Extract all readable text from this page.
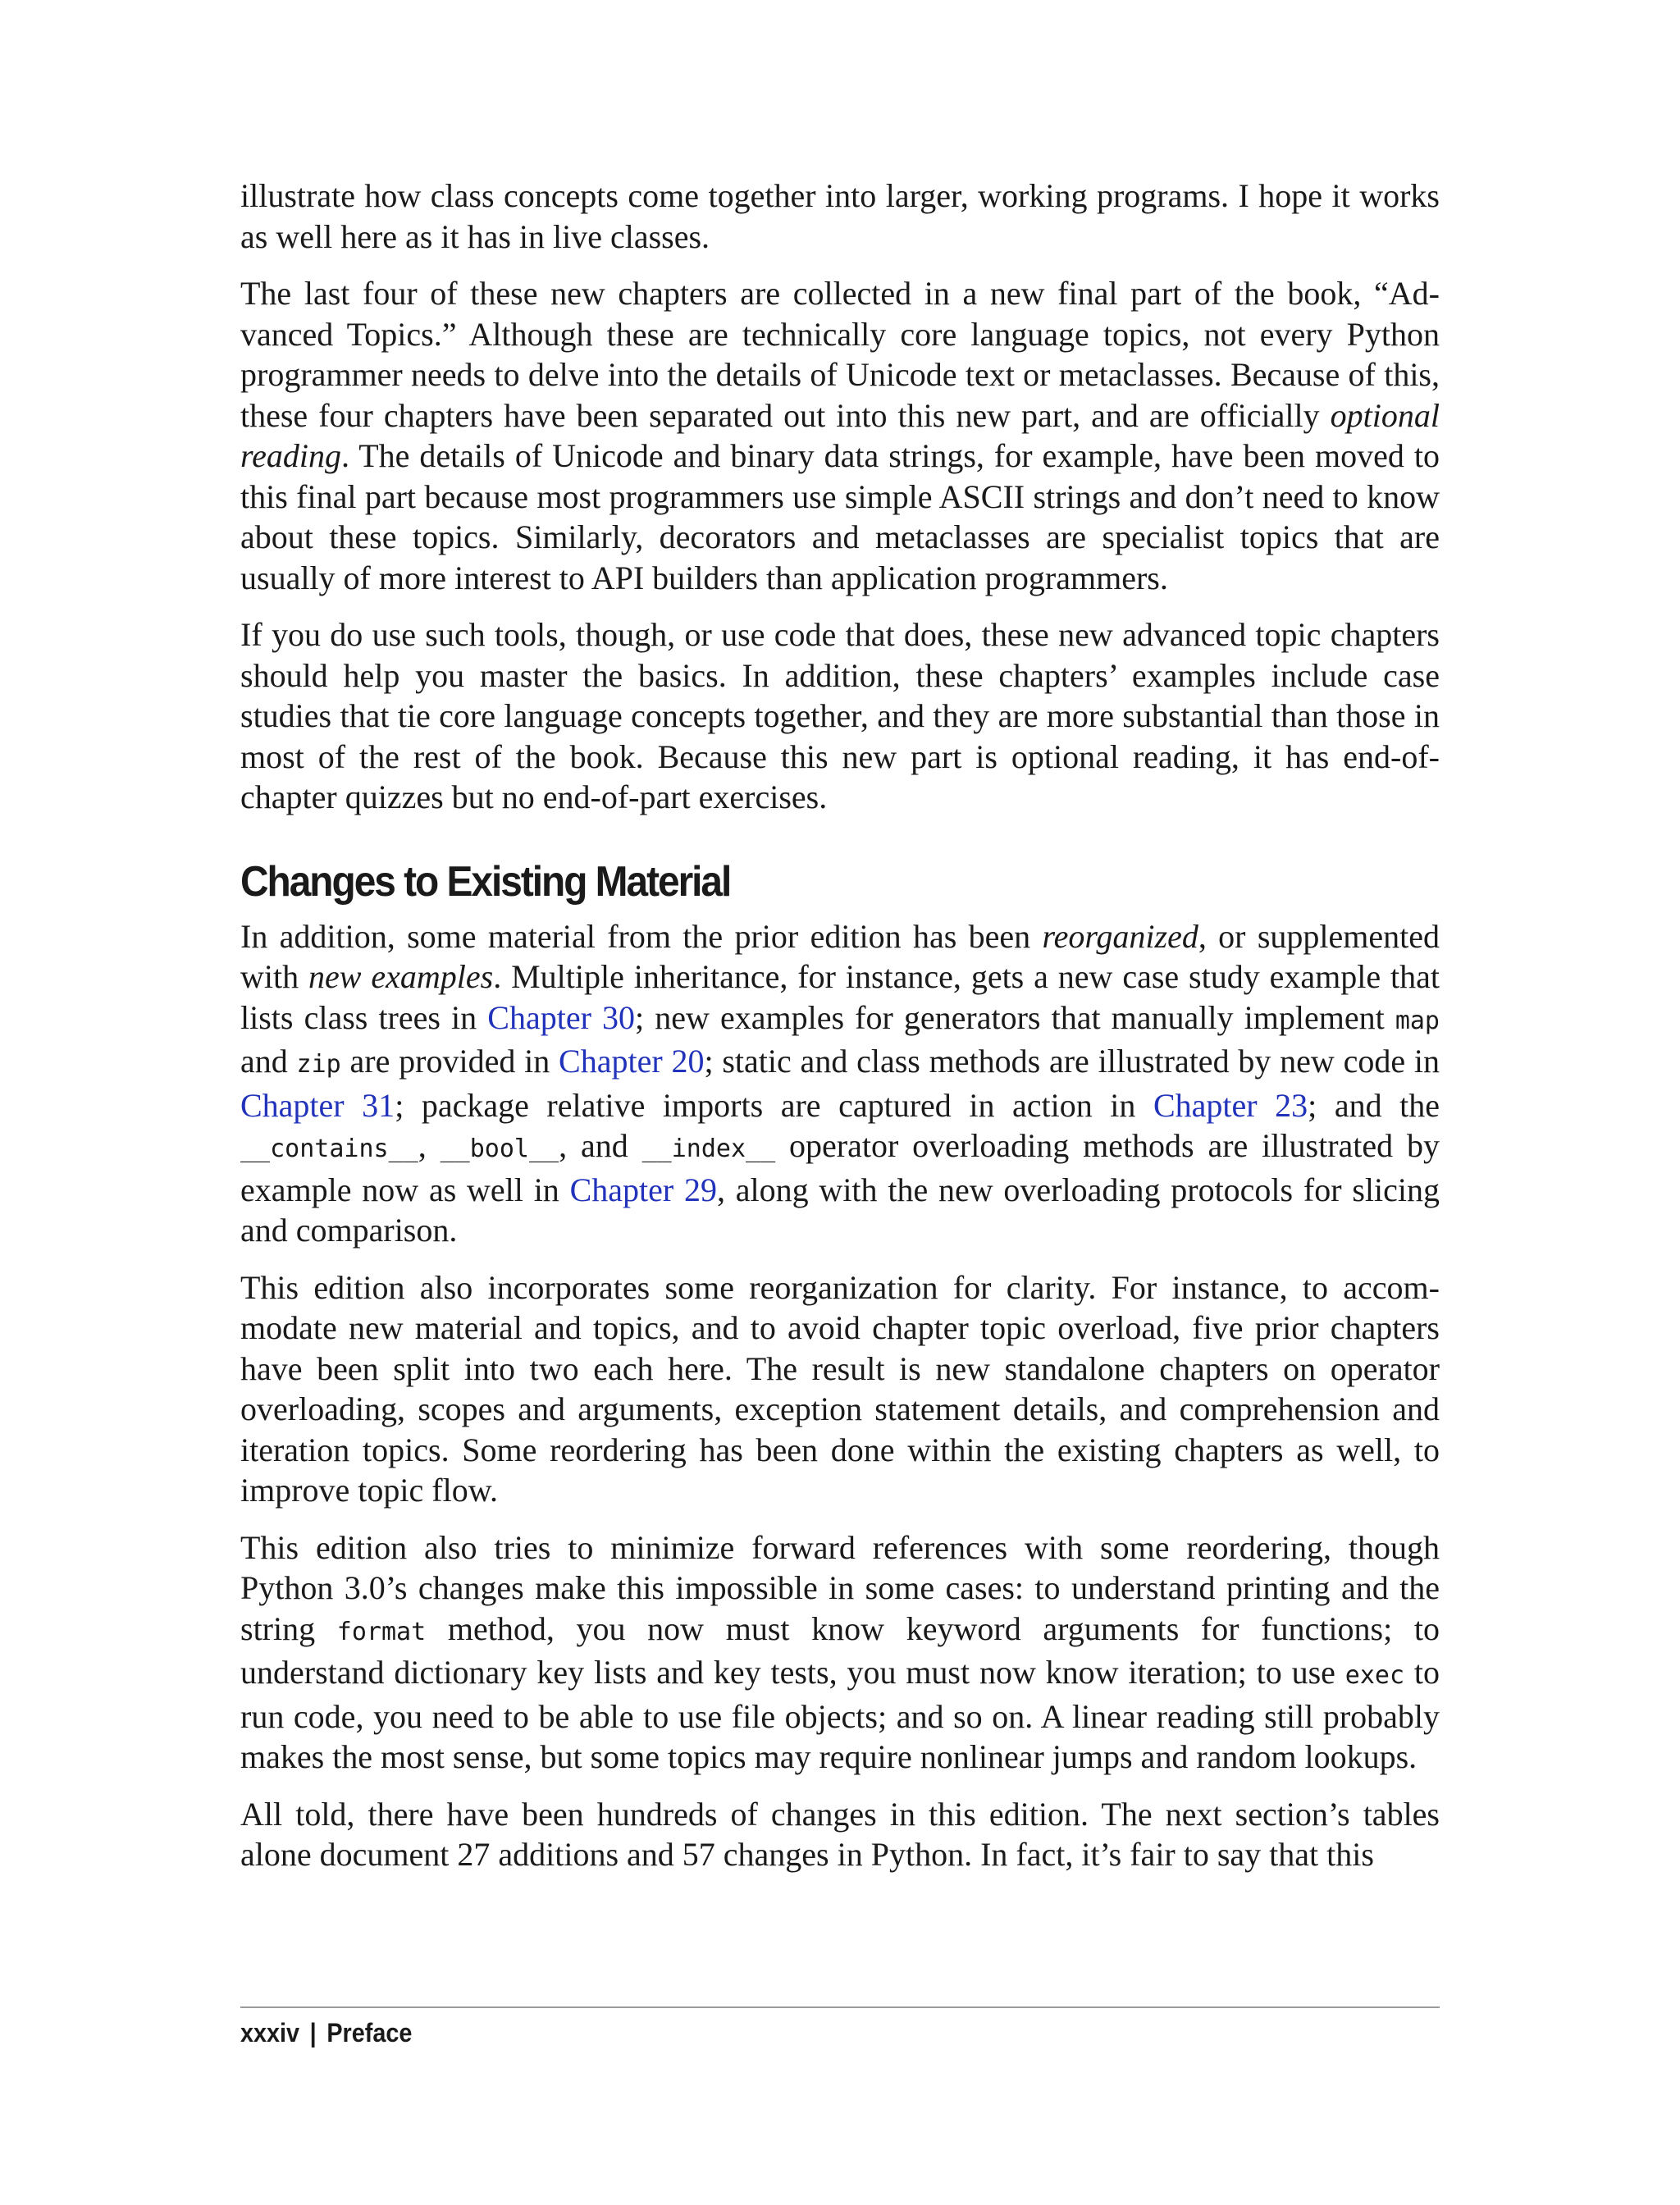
illustrate how class concepts come together into larger, working programs. I hope it works as well here as it has in live classes.

The last four of these new chapters are collected in a new final part of the book, “Advanced Topics.” Although these are technically core language topics, not every Python programmer needs to delve into the details of Unicode text or metaclasses. Because of this, these four chapters have been separated out into this new part, and are officially optional reading. The details of Unicode and binary data strings, for example, have been moved to this final part because most programmers use simple ASCII strings and don’t need to know about these topics. Similarly, decorators and metaclasses are specialist topics that are usually of more interest to API builders than application programmers.

If you do use such tools, though, or use code that does, these new advanced topic chapters should help you master the basics. In addition, these chapters’ examples include case studies that tie core language concepts together, and they are more substantial than those in most of the rest of the book. Because this new part is optional reading, it has end-of-chapter quizzes but no end-of-part exercises.

Changes to Existing Material

In addition, some material from the prior edition has been reorganized, or supplemented with new examples. Multiple inheritance, for instance, gets a new case study example that lists class trees in Chapter 30; new examples for generators that manually implement map and zip are provided in Chapter 20; static and class methods are illustrated by new code in Chapter 31; package relative imports are captured in action in Chapter 23; and the __contains__, __bool__, and __index__ operator overloading methods are illustrated by example now as well in Chapter 29, along with the new overloading protocols for slicing and comparison.

This edition also incorporates some reorganization for clarity. For instance, to accommodate new material and topics, and to avoid chapter topic overload, five prior chapters have been split into two each here. The result is new standalone chapters on operator overloading, scopes and arguments, exception statement details, and comprehension and iteration topics. Some reordering has been done within the existing chapters as well, to improve topic flow.

This edition also tries to minimize forward references with some reordering, though Python 3.0’s changes make this impossible in some cases: to understand printing and the string format method, you now must know keyword arguments for functions; to understand dictionary key lists and key tests, you must now know iteration; to use exec to run code, you need to be able to use file objects; and so on. A linear reading still probably makes the most sense, but some topics may require nonlinear jumps and random lookups.

All told, there have been hundreds of changes in this edition. The next section’s tables alone document 27 additions and 57 changes in Python. In fact, it’s fair to say that this

xxxiv | Preface
